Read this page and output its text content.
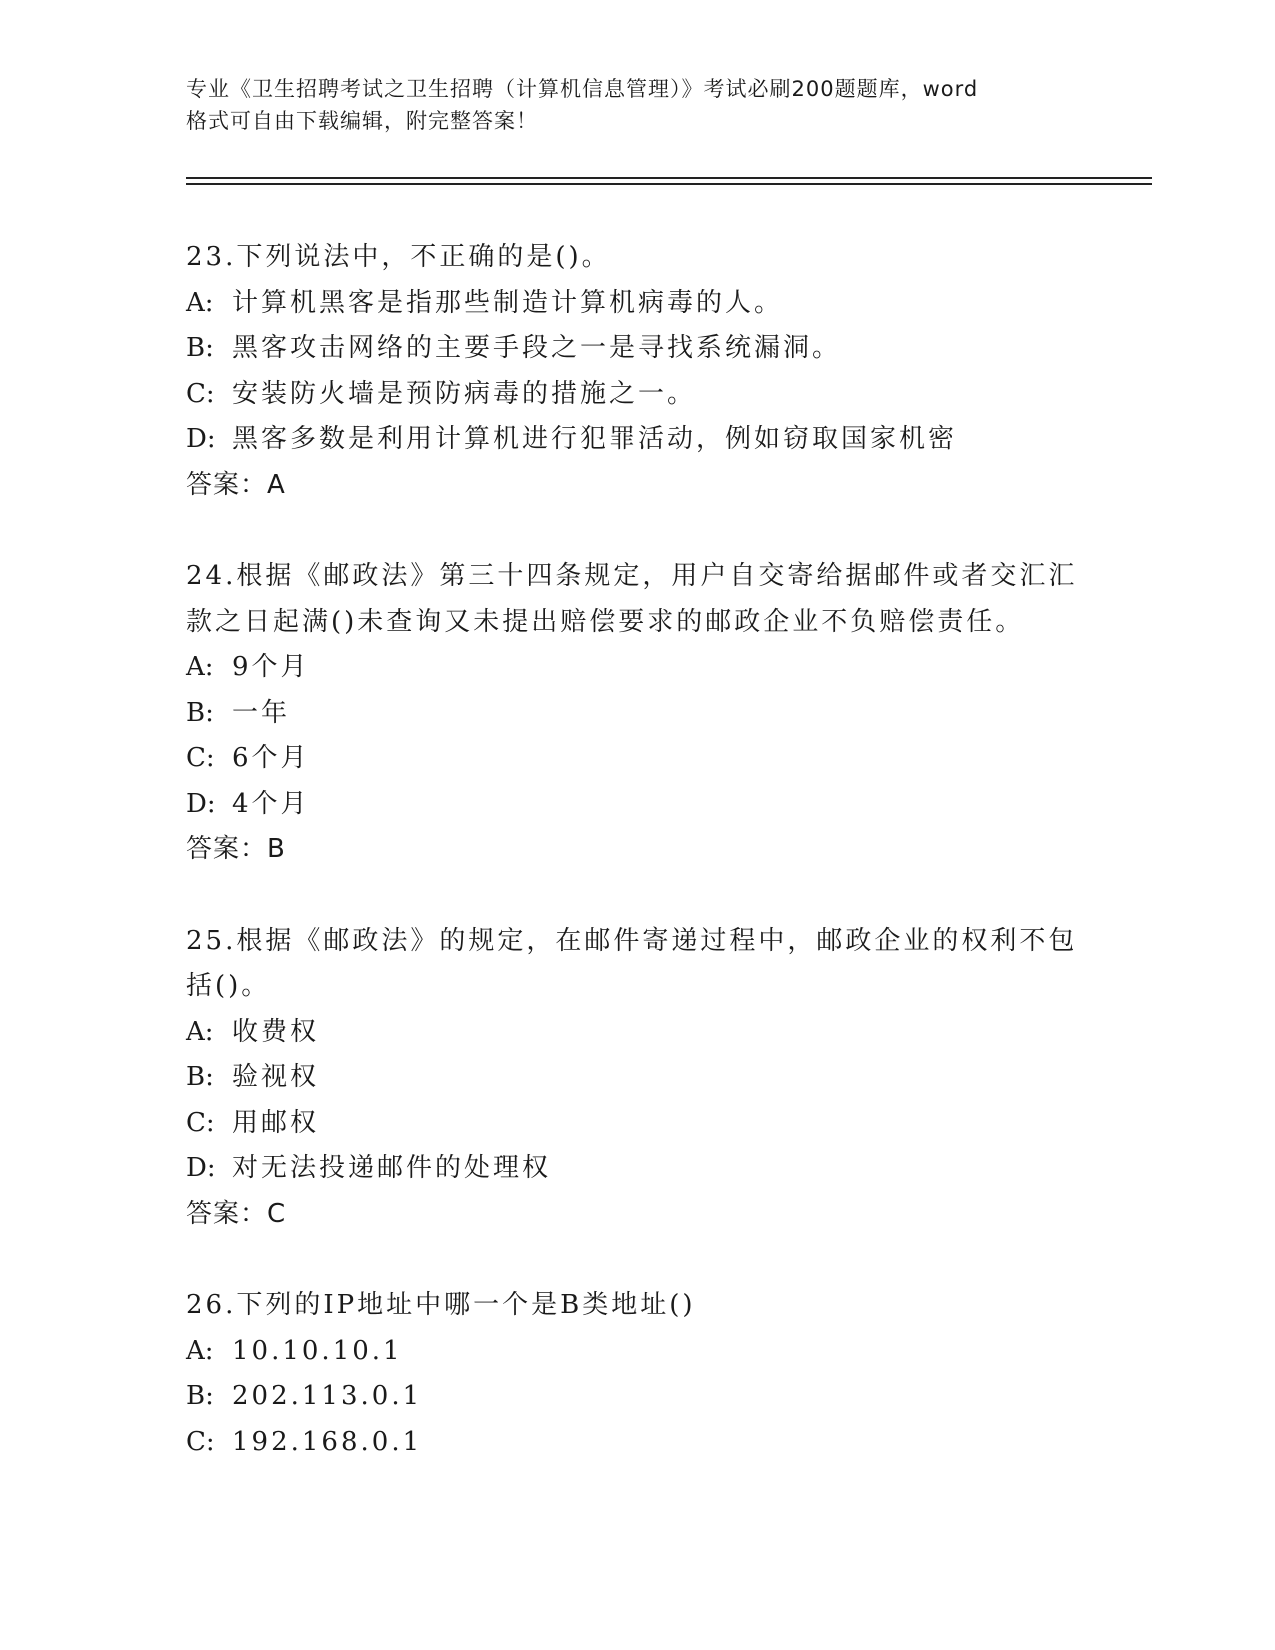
专业《卫生招聘考试之卫生招聘（计算机信息管理）》考试必刷200题题库，word
格式可自由下载编辑，附完整答案！
23.下列说法中，不正确的是()。
A: 计算机黑客是指那些制造计算机病毒的人。
B: 黑客攻击网络的主要手段之一是寻找系统漏洞。
C: 安装防火墙是预防病毒的措施之一。
D: 黑客多数是利用计算机进行犯罪活动，例如窃取国家机密
答案：A
24.根据《邮政法》第三十四条规定，用户自交寄给据邮件或者交汇汇
款之日起满()未查询又未提出赔偿要求的邮政企业不负赔偿责任。
A: 9个月
B: 一年
C: 6个月
D: 4个月
答案：B
25.根据《邮政法》的规定，在邮件寄递过程中，邮政企业的权利不包
括()。
A: 收费权
B: 验视权
C: 用邮权
D: 对无法投递邮件的处理权
答案：C
26.下列的IP地址中哪一个是B类地址()
A: 10.10.10.1
B: 202.113.0.1
C: 192.168.0.1
